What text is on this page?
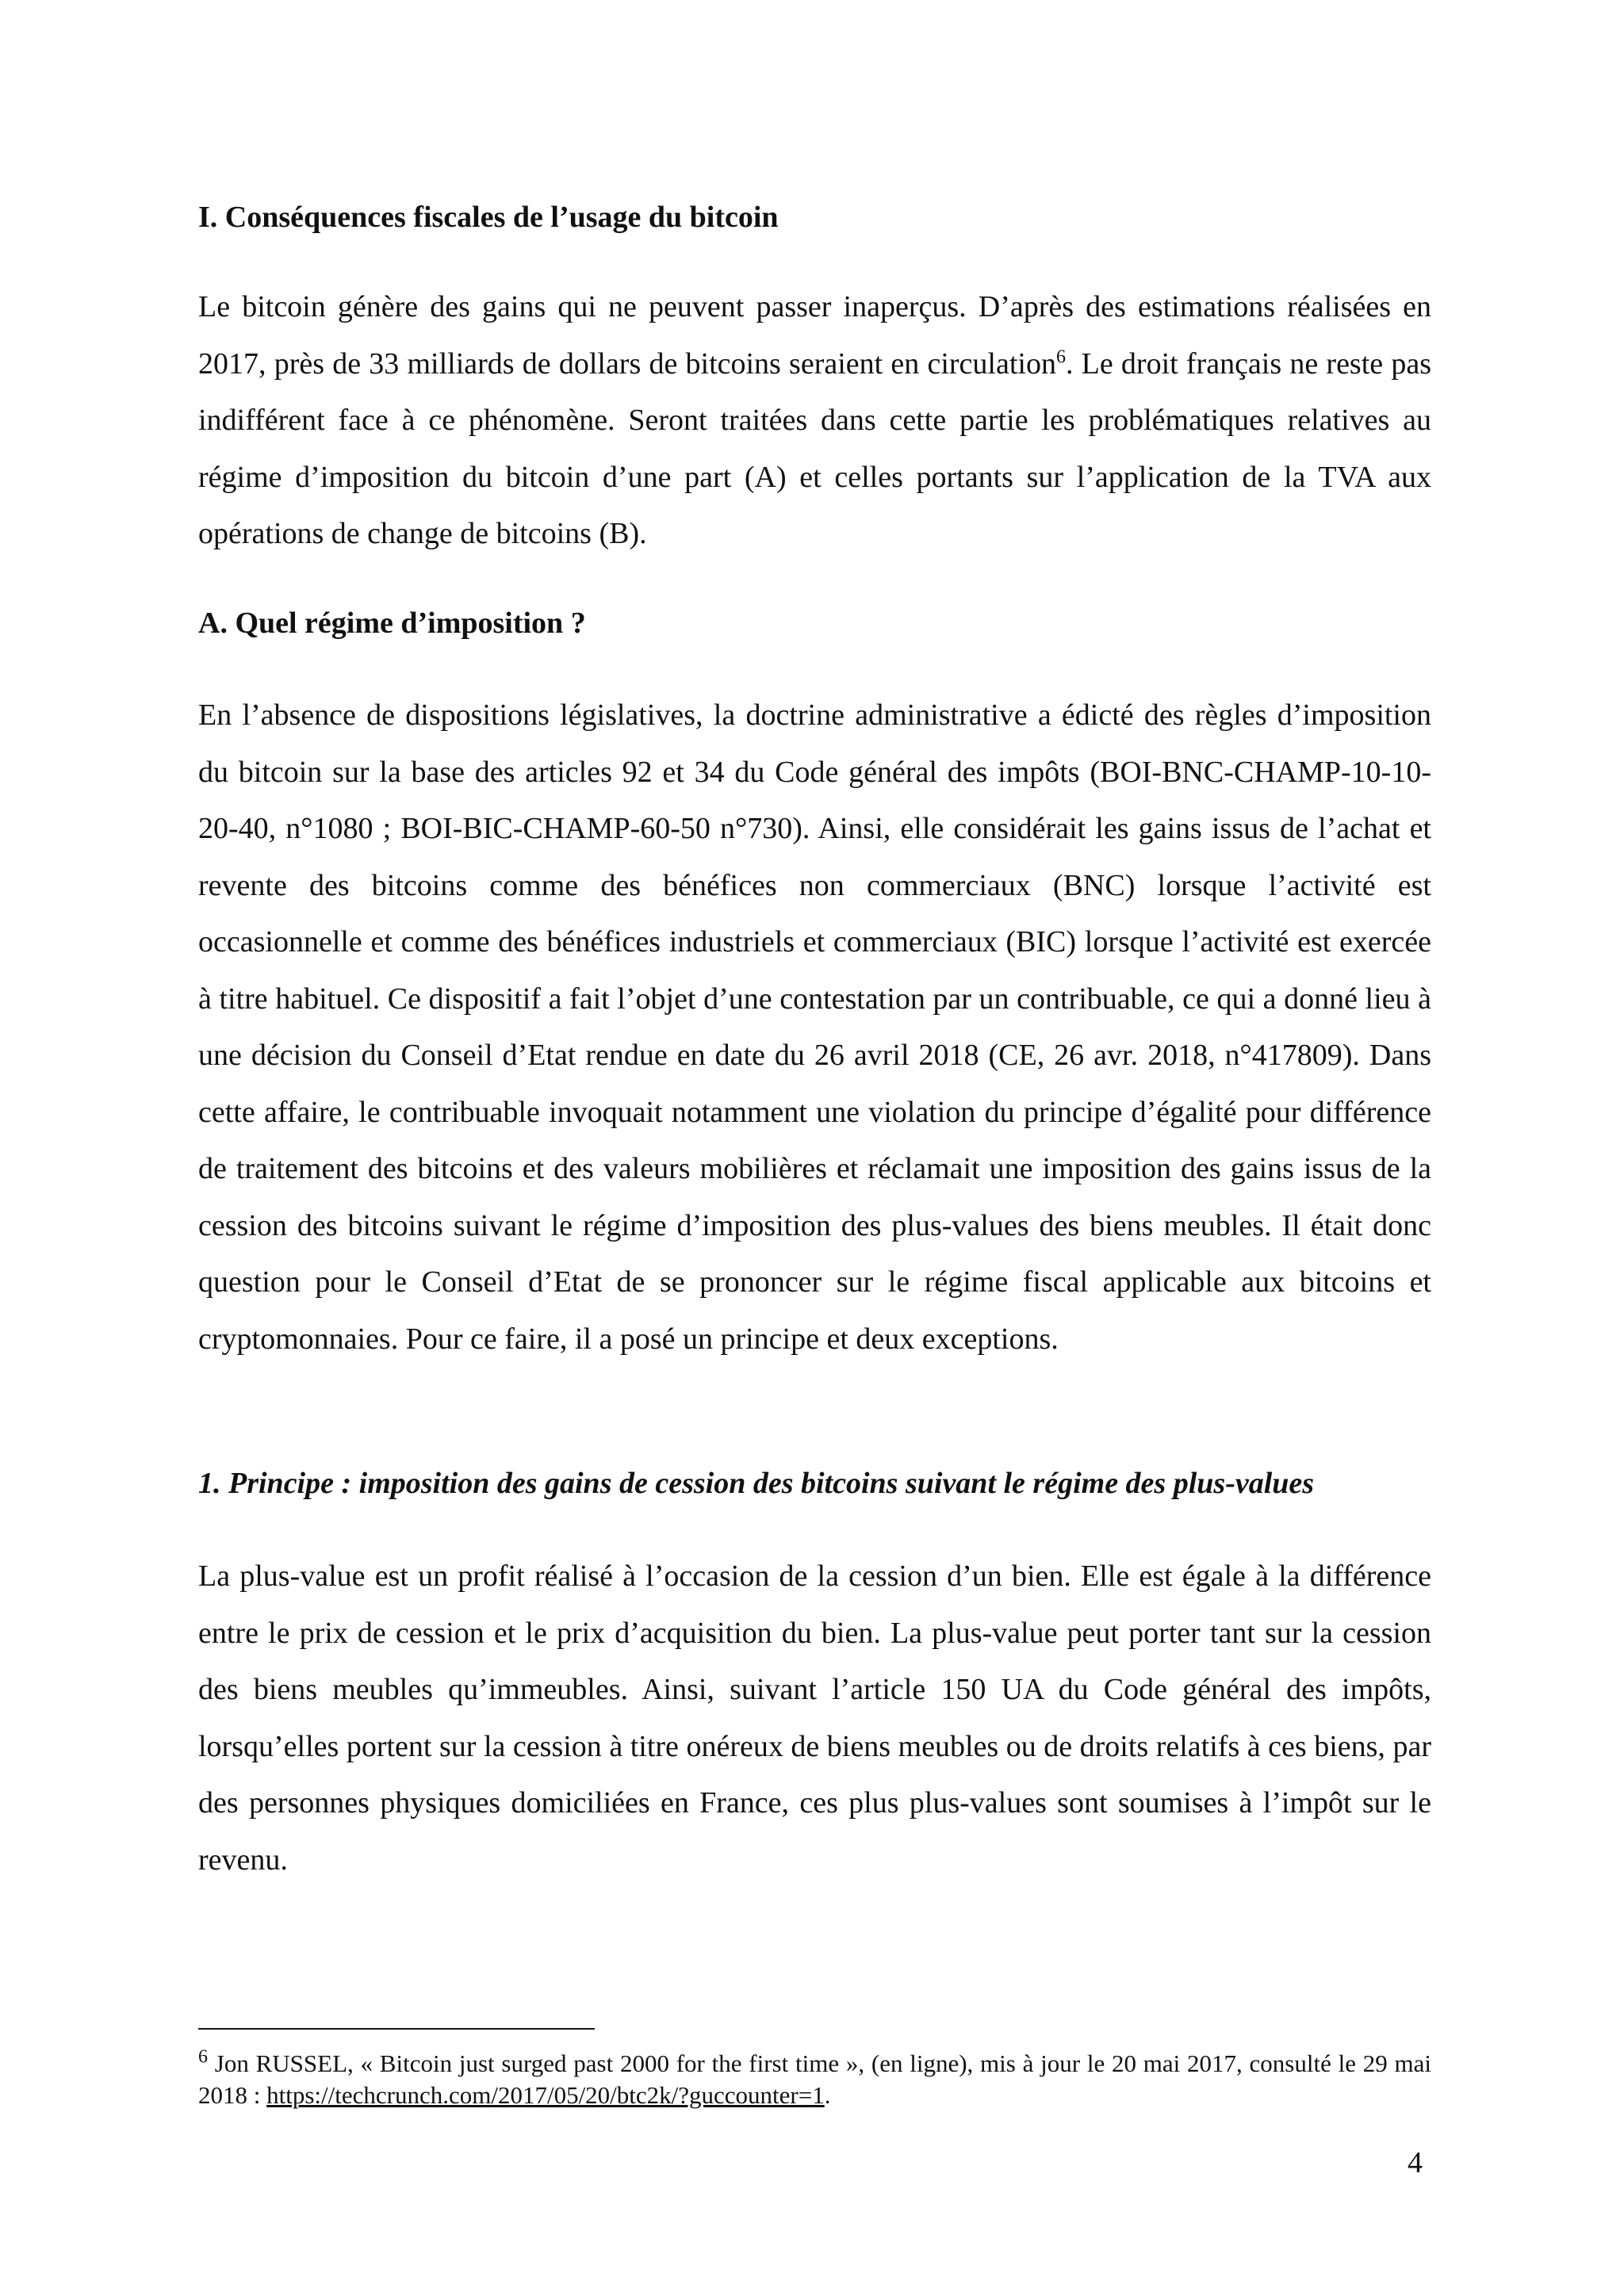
I. Conséquences fiscales de l’usage du bitcoin

Le bitcoin génère des gains qui ne peuvent passer inaperçus. D’après des estimations réalisées en 2017, près de 33 milliards de dollars de bitcoins seraient en circulation$^6$. Le droit français ne reste pas indifférent face à ce phénomène. Seront traitées dans cette partie les problématiques relatives au régime d’imposition du bitcoin d’une part (A) et celles portants sur l’application de la TVA aux opérations de change de bitcoins (B).

A. Quel régime d’imposition ?

En l’absence de dispositions législatives, la doctrine administrative a édicté des règles d’imposition du bitcoin sur la base des articles 92 et 34 du Code général des impôts (BOI-BNC-CHAMP-10-10-20-40, n°1080 ; BOI-BIC-CHAMP-60-50 n°730). Ainsi, elle considérait les gains issus de l’achat et revente des bitcoins comme des bénéfices non commerciaux (BNC) lorsque l’activité est occasionnelle et comme des bénéfices industriels et commerciaux (BIC) lorsque l’activité est exercée à titre habituel. Ce dispositif a fait l’objet d’une contestation par un contribuable, ce qui a donné lieu à une décision du Conseil d’Etat rendue en date du 26 avril 2018 (CE, 26 avr. 2018, n°417809). Dans cette affaire, le contribuable invoquait notamment une violation du principe d’égalité pour différence de traitement des bitcoins et des valeurs mobilières et réclamait une imposition des gains issus de la cession des bitcoins suivant le régime d’imposition des plus-values des biens meubles. Il était donc question pour le Conseil d’Etat de se prononcer sur le régime fiscal applicable aux bitcoins et cryptomonnaies. Pour ce faire, il a posé un principe et deux exceptions.

1. Principe : imposition des gains de cession des bitcoins suivant le régime des plus-values

La plus-value est un profit réalisé à l’occasion de la cession d’un bien. Elle est égale à la différence entre le prix de cession et le prix d’acquisition du bien. La plus-value peut porter tant sur la cession des biens meubles qu’immeubles. Ainsi, suivant l’article 150 UA du Code général des impôts, lorsqu’elles portent sur la cession à titre onéreux de biens meubles ou de droits relatifs à ces biens, par des personnes physiques domiciliées en France, ces plus plus-values sont soumises à l’impôt sur le revenu.

$^6$ Jon RUSSEL, « Bitcoin just surged past 2000 for the first time », (en ligne), mis à jour le 20 mai 2017, consulté le 29 mai 2018 : https://techcrunch.com/2017/05/20/btc2k/?guccounter=1.

4
